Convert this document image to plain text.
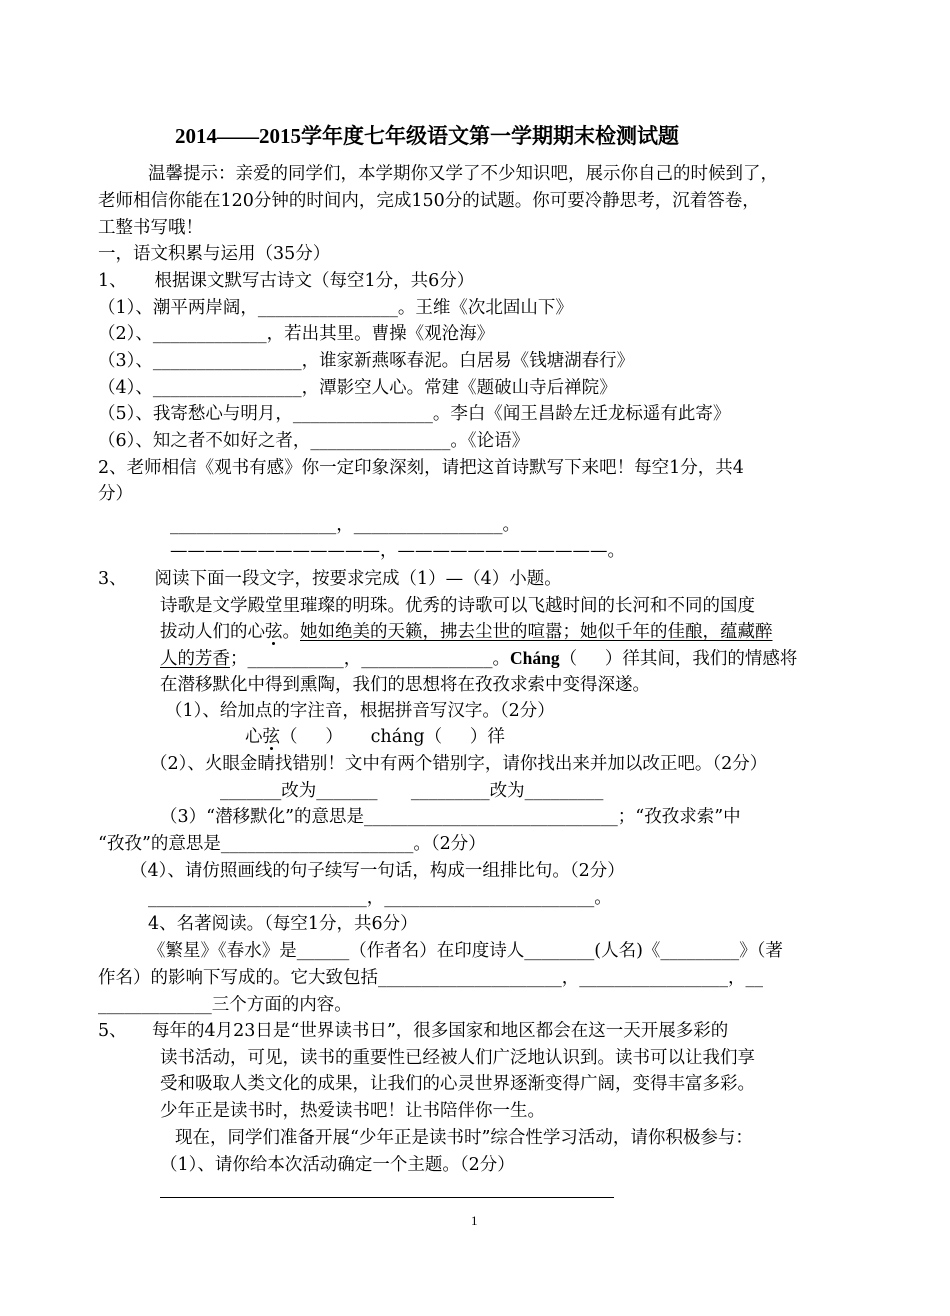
2014——2015学年度七年级语文第一学期期末检测试题
温馨提示：亲爱的同学们，本学期你又学了不少知识吧，展示你自己的时候到了，
老师相信你能在120分钟的时间内，完成150分的试题。你可要冷静思考，沉着答卷，
工整书写哦！
一，语文积累与运用（35分）
1、     根据课文默写古诗文（每空1分，共6分）
（1）、潮平两岸阔，________________。王维《次北固山下》
（2）、_____________，若出其里。曹操《观沧海》
（3）、_________________，谁家新燕啄春泥。白居易《钱塘湖春行》
（4）、_________________，潭影空人心。常建《题破山寺后禅院》
（5）、我寄愁心与明月，________________。李白《闻王昌龄左迁龙标遥有此寄》
（6）、知之者不如好之者，________________。《论语》
2、老师相信《观书有感》你一定印象深刻，请把这首诗默写下来吧！每空1分，共4
分）
___________________，_________________。
————————————，————————————。
3、     阅读下面一段文字，按要求完成（1）—（4）小题。
诗歌是文学殿堂里璀璨的明珠。优秀的诗歌可以飞越时间的长河和不同的国度
拔动人们的心弦。她如绝美的天籁，拂去尘世的喧嚣；她似千年的佳酿，蕴藏醉
人的芳香；___________，_______________。Cháng（     ）徉其间，我们的情感将
在潜移默化中得到熏陶，我们的思想将在孜孜求索中变得深遂。
（1）、给加点的字注音，根据拼音写汉字。（2分）
心弦（     ）     cháng（     ）徉
（2）、火眼金睛找错别！文中有两个错别字，请你找出来并加以改正吧。（2分）
_______改为_______      _________改为_________
（3）“潜移默化”的意思是_____________________________；“孜孜求索”中
“孜孜”的意思是______________________。（2分）
（4）、请仿照画线的句子续写一句话，构成一组排比句。（2分）
_________________________，________________________。
4、名著阅读。（每空1分，共6分）
《繁星》《春水》是______（作者名）在印度诗人________(人名)《_________》（著
作名）的影响下写成的。它大致包括_____________________，_________________，__
_____________三个方面的内容。
5、 每年的4月23日是“世界读书日”，很多国家和地区都会在这一天开展多彩的
读书活动，可见，读书的重要性已经被人们广泛地认识到。读书可以让我们享
受和吸取人类文化的成果，让我们的心灵世界逐渐变得广阔，变得丰富多彩。
少年正是读书时，热爱读书吧！让书陪伴你一生。
现在，同学们准备开展“少年正是读书时”综合性学习活动，请你积极参与：
（1）、请你给本次活动确定一个主题。（2分）
1
